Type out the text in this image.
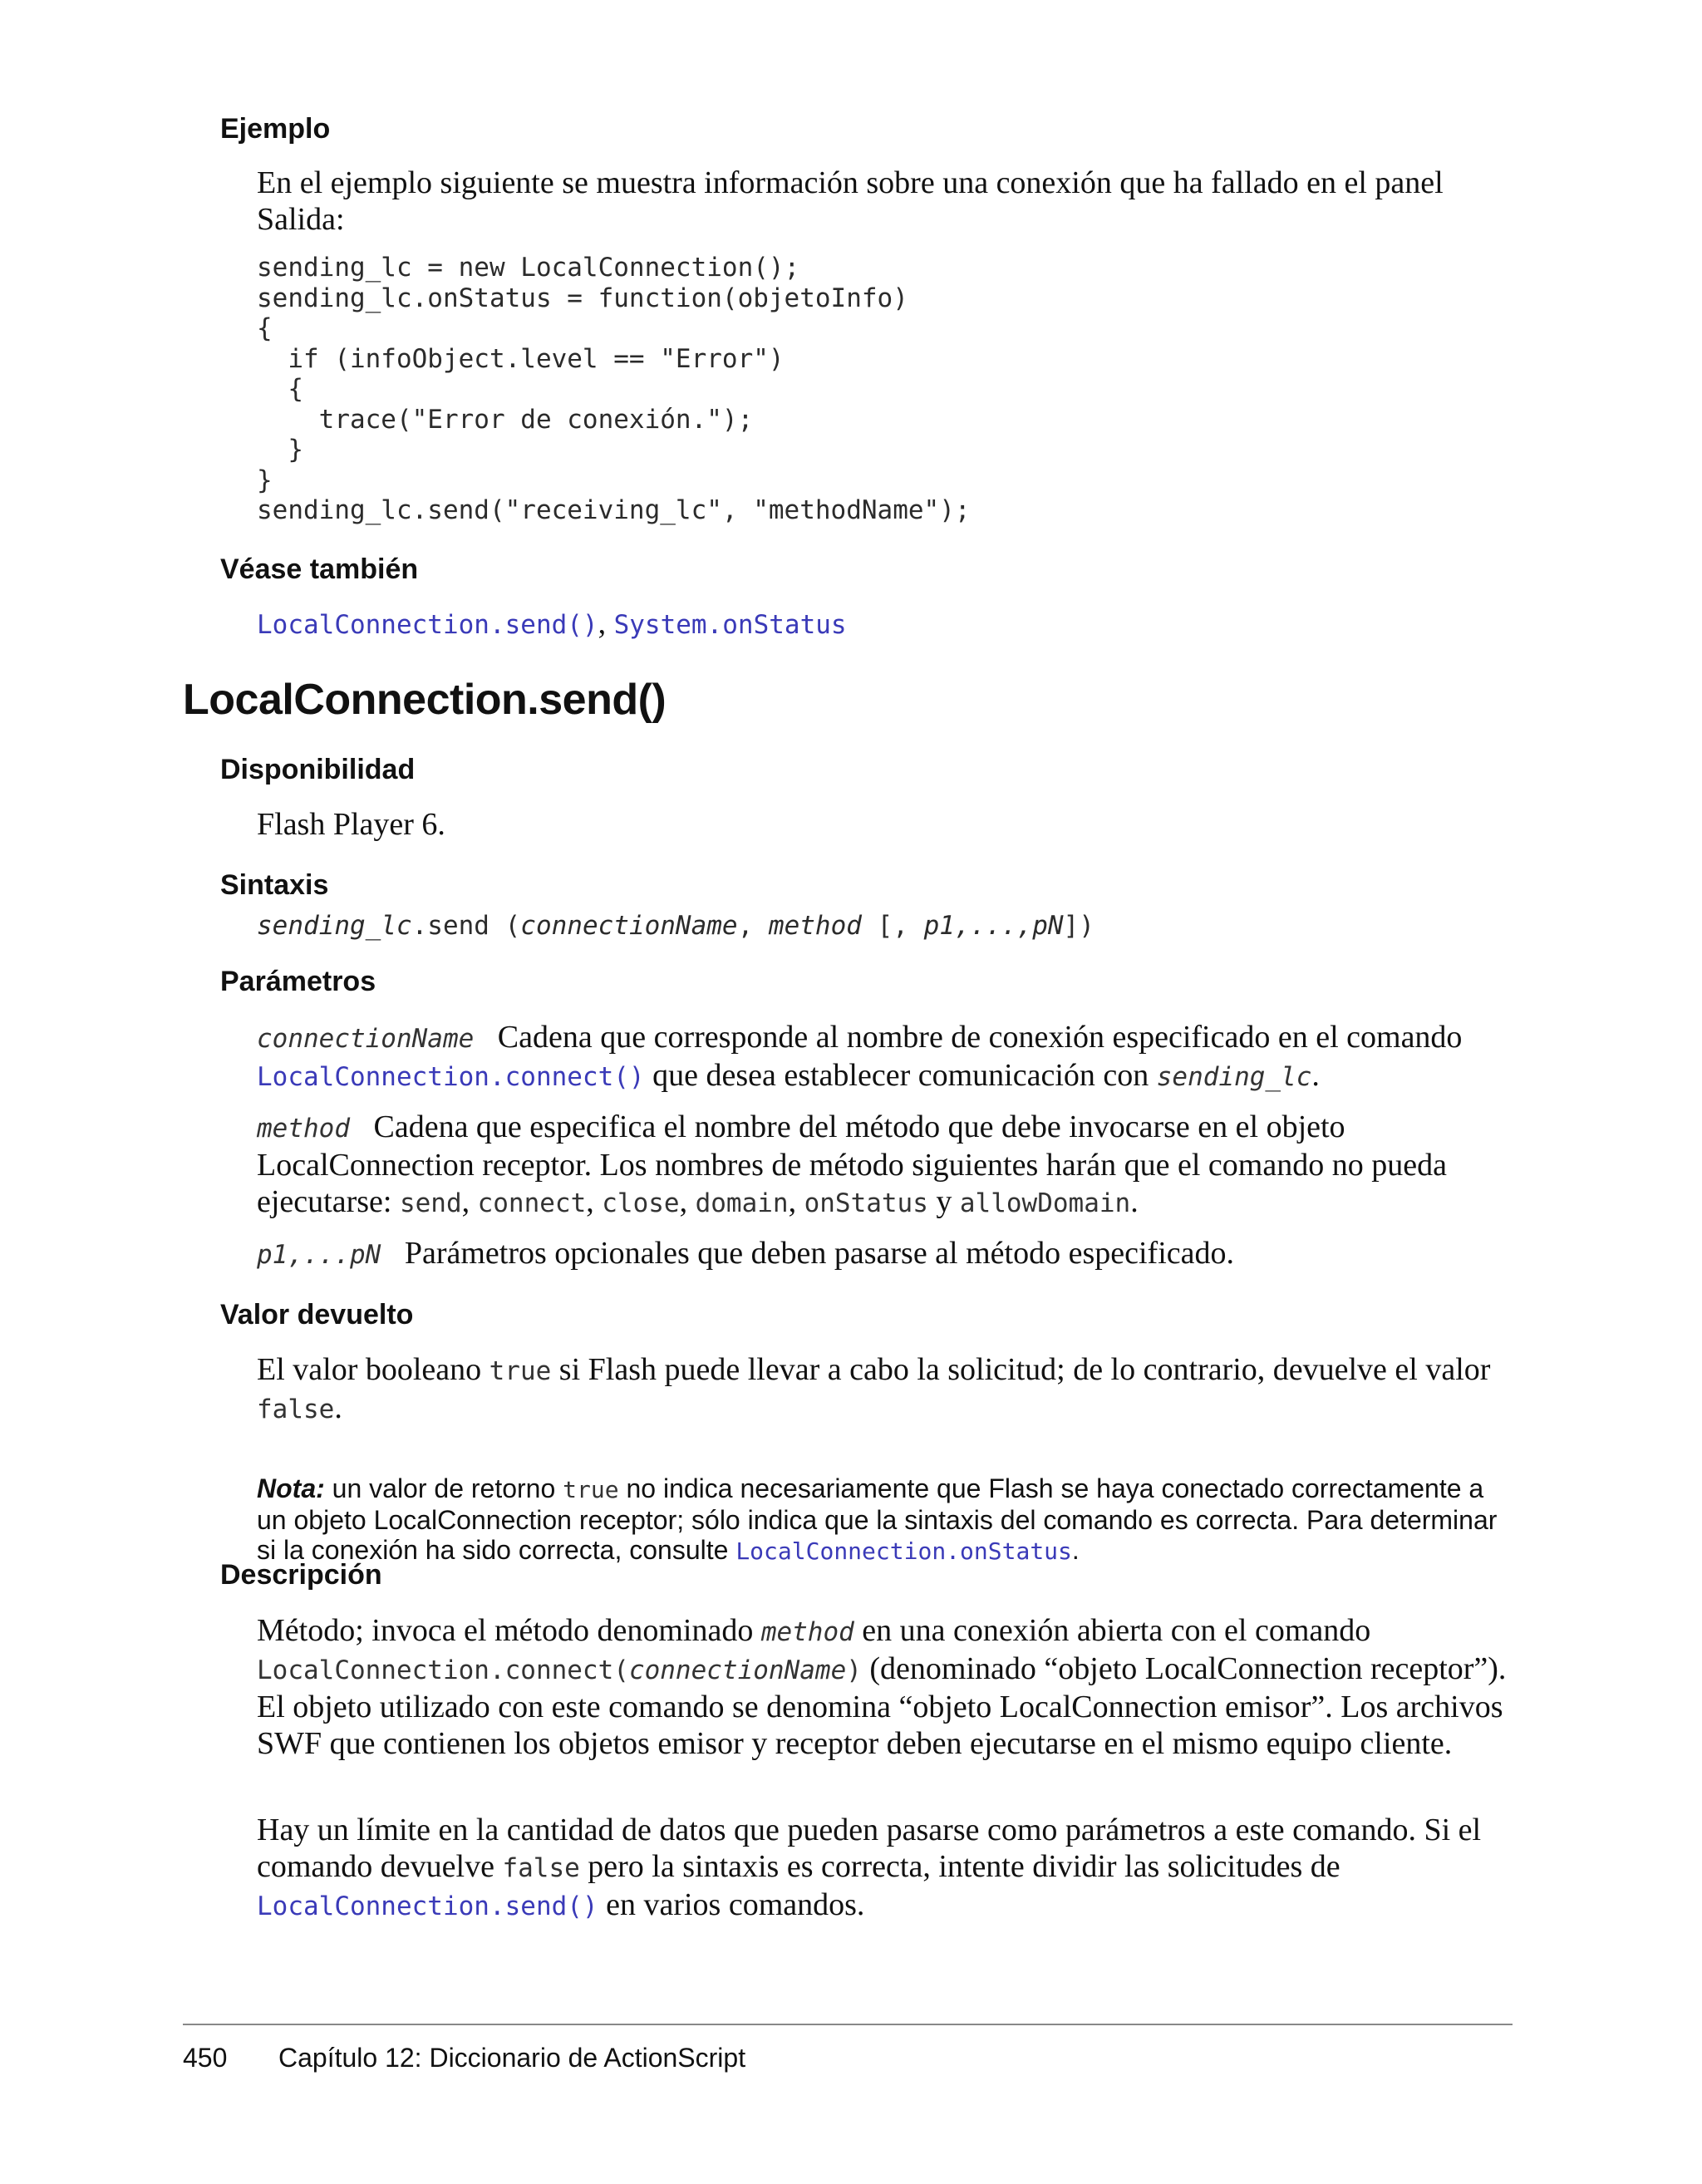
Ejemplo

En el ejemplo siguiente se muestra información sobre una conexión que ha fallado en el panel Salida:

sending_lc = new LocalConnection();
sending_lc.onStatus = function(objetoInfo)
{
if (infoObject.level == "Error")
{
trace("Error de conexión.");
}
}
sending_lc.send("receiving_lc", "methodName");
Véase también

LocalConnection.send(), System.onStatus

LocalConnection.send()
Disponibilidad

Flash Player 6.

Sintaxis

sending_lc.send (connectionName, method [, p1,...,pN])

Parámetros

connectionName Cadena que corresponde al nombre de conexión especificado en el comando LocalConnection.connect() que desea establecer comunicación con sending_lc.

method Cadena que especifica el nombre del método que debe invocarse en el objeto LocalConnection receptor. Los nombres de método siguientes harán que el comando no pueda ejecutarse: send, connect, close, domain, onStatus y allowDomain.

p1,...pN Parámetros opcionales que deben pasarse al método especificado.

Valor devuelto

El valor booleano true si Flash puede llevar a cabo la solicitud; de lo contrario, devuelve el valor false.

Nota: un valor de retorno true no indica necesariamente que Flash se haya conectado correctamente a un objeto LocalConnection receptor; sólo indica que la sintaxis del comando es correcta. Para determinar si la conexión ha sido correcta, consulte LocalConnection.onStatus.

Descripción

Método; invoca el método denominado method en una conexión abierta con el comando LocalConnection.connect(connectionName) (denominado “objeto LocalConnection receptor”). El objeto utilizado con este comando se denomina “objeto LocalConnection emisor”. Los archivos SWF que contienen los objetos emisor y receptor deben ejecutarse en el mismo equipo cliente.

Hay un límite en la cantidad de datos que pueden pasarse como parámetros a este comando. Si el comando devuelve false pero la sintaxis es correcta, intente dividir las solicitudes de LocalConnection.send() en varios comandos.

450 Capítulo 12: Diccionario de ActionScript
